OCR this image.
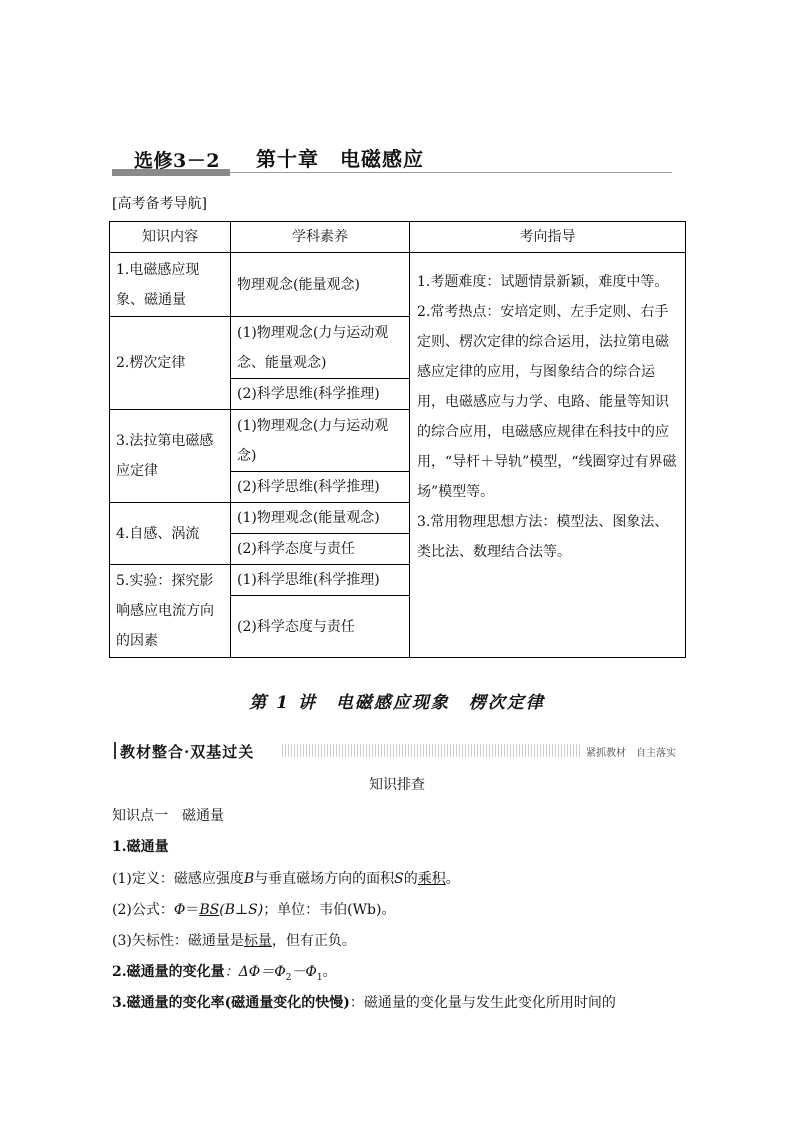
选修3－2 第十章　电磁感应
[高考备考导航]
知识内容	学科素养	考向指导
1.电磁感应现象、磁通量	物理观念(能量观念)	1.考题难度：试题情景新颖，难度中等。
2.常考热点：安培定则、左手定则、右手定则、楞次定律的综合运用，法拉第电磁感应定律的应用，与图象结合的综合运用，电磁感应与力学、电路、能量等知识的综合应用，电磁感应规律在科技中的应用，“导杆＋导轨”模型，“线圈穿过有界磁场”模型等。
3.常用物理思想方法：模型法、图象法、类比法、数理结合法等。

2.楞次定律	(1)物理观念(力与运动观念、能量观念)	
	(2)科学思维(科学推理)	
3.法拉第电磁感应定律	(1)物理观念(力与运动观念)	
	(2)科学思维(科学推理)	
4.自感、涡流	(1)物理观念(能量观念)	
	(2)科学态度与责任	
5.实验：探究影响感应电流方向的因素	(1)科学思维(科学推理)	
	(2)科学态度与责任	
第 1 讲　电磁感应现象　楞次定律
教材整合·双基过关	紧抓教材　自主落实
知识排查
知识点一　磁通量
1.磁通量
(1)定义：磁感应强度B与垂直磁场方向的面积S的乘积。
(2)公式：Φ＝BS(B⊥S)；单位：韦伯(Wb)。
(3)矢标性：磁通量是标量，但有正负。
2.磁通量的变化量：$\Delta\Phi=\Phi_2-\Phi_1$。
3.磁通量的变化率(磁通量变化的快慢)：磁通量的变化量与发生此变化所用时间的
